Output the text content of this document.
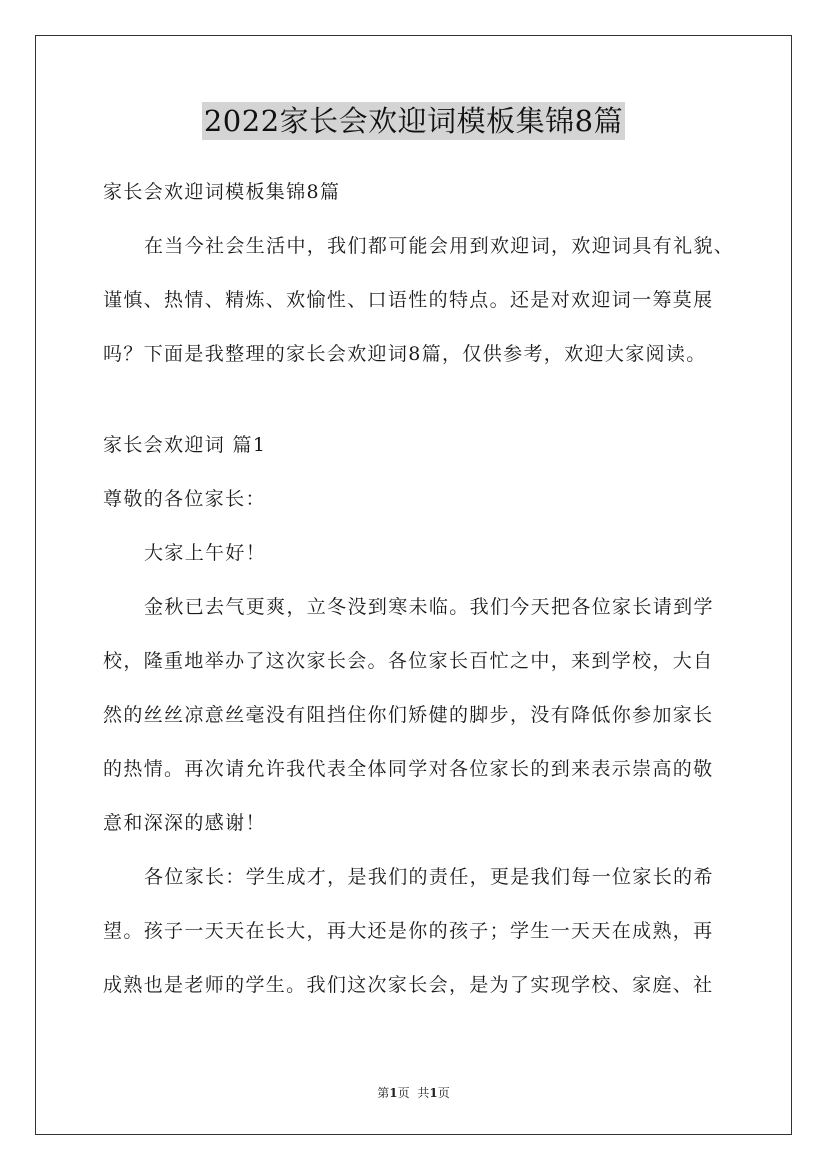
2022家长会欢迎词模板集锦8篇
家长会欢迎词模板集锦8篇
在当今社会生活中，我们都可能会用到欢迎词，欢迎词具有礼貌、
谨慎、热情、精炼、欢愉性、口语性的特点。还是对欢迎词一筹莫展
吗？下面是我整理的家长会欢迎词8篇，仅供参考，欢迎大家阅读。
家长会欢迎词 篇1
尊敬的各位家长：
大家上午好！
金秋已去气更爽，立冬没到寒未临。我们今天把各位家长请到学
校，隆重地举办了这次家长会。各位家长百忙之中，来到学校，大自
然的丝丝凉意丝毫没有阻挡住你们矫健的脚步，没有降低你参加家长
的热情。再次请允许我代表全体同学对各位家长的到来表示崇高的敬
意和深深的感谢！
各位家长：学生成才，是我们的责任，更是我们每一位家长的希
望。孩子一天天在长大，再大还是你的孩子；学生一天天在成熟，再
成熟也是老师的学生。我们这次家长会，是为了实现学校、家庭、社
第1页 共1页
